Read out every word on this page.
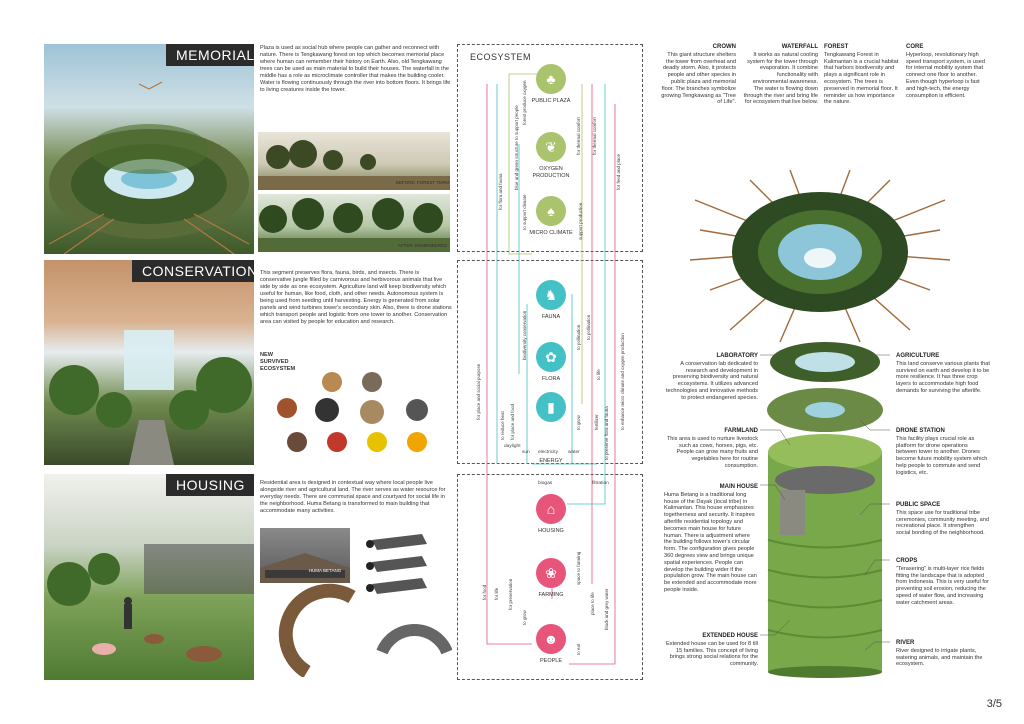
MEMORIAL Plaza is used as social hub where people can gather and reconnect with nature. There is Tengkawang forest on top which becomes memorial place where human can remember their history on Earth. Also, old Tengkawang trees can be used as main material to build their houses. The waterfall in the middle has a role as microclimate controller that makes the building cooler. Water is flowing continuously through the river into bottom floors. It brings life to living creatures inside the tower.
BEFORE: FOREST TERM
AFTER: REMEMBERED
CONSERVATION This segment preserves flora, fauna, birds, and insects. There is conservative jungle filled by carnivorous and herbivorous animals that live side by side as one ecosystem. Agriculture land will keep biodiversity which useful for human, like food, cloth, and other needs. Autonomous system is being used from seeding until harvesting. Energy is generated from solar panels and wind turbines tower's secondary skin. Also, there is drone stations which transport people and logistic from one tower to another. Conservation area can visited by people for education and research.
NEW SURVIVED ECOSYSTEM
HOUSING	Residential area is designed in contextual way where local people live alongside river and agricultural land. The river serves as water resource for everyday needs. There are communal space and courtyard for social life in the neighborhood. Huma Betang is transformed to main building that accommodate many activities.
HUMA BETANG
ECOSYSTEM
♣
PUBLIC PLAZA
❦
OXYGEN PRODUCTION
♠
MICRO CLIMATE
♞
FAUNA
✿
FLORA
▮
ENERGY
⌂
HOUSING
❀
FARMING
☻
PEOPLE
blue and green structure to support people
forest produce oxygen
for flora and fauna
to support climate
for thermal comfort for thermal comfort
support production
for feed and place
for place and social purpose
to reduce heat for place and food
biodiversity conservation	to pollination to pollination
to grow	fertilizer to preserve flora and fauna
to enhance micro climate and oxygen production
to life
daylight
sun electricity water
biogas	filtration
for food for life for preservation
to grow
space to farming
place to life
to eat
black and grey water
CROWN
This giant structure shelters the tower from overheat and deadly storm. Also, it protects people and other species in public plaza and memorial floor. The branches symbolize growing Tengkawang as "Tree of Life".
WATERFALL
It works as natural cooling system for the tower through evaporation. It combine functionality with environmental awareness. The water is flowing down through the river and bring life for ecosystem that live below.
FOREST
Tengkawang Forest in Kalimantan is a crucial habitat that harbors biodiversity and plays a significant role in ecosystem. The trees is preserved in memorial floor. It reminder us how importance the nature.
CORE
Hyperloop, revolutionary high speed transport system, is used for internal mobility system that connect one floor to another. Even though hyperloop is fast and high-tech, the energy consumption is efficient.
LABORATORY
A conservation lab dedicated to research and development in preserving biodiversity and natural ecosystems. It utilizes advanced technologies and innovative methods to protect endangered species.
FARMLAND
This area is used to nurture livestock such as cows, horses, pigs, etc. People can grow many fruits and vegetables here for routine consumption.
MAIN HOUSE
Huma Betang is a traditional long house of the Dayak (local tribe) in Kalimantan. This house emphasizes togetherness and security. It inspires afterlife residential topology and becomes main house for future human. There is adjustment where the building follows tower's circular form. The configuration gives people 360 degrees view and brings unique spatial experiences. People can develop the building wider if the population grow. The main house can be extended and accommodate more people inside.
EXTENDED HOUSE
Extended house can be used for 8 till 15 families. This concept of living brings strong social relations for the community.
AGRICULTURE
This land conserve various plants that survived on earth and develop it to be more resilience. It has three crop layers to accommodate high food demands for surviving the afterlife.
DRONE STATION
This facility plays crucial role as platform for drone operations between tower to another. Drones become future mobility system which help people to commute and send logistics, etc.
PUBLIC SPACE
This space use for traditional tribe ceremonies, community meeting, and recreational place. It strengthen social bonding of the neighborhood.
CROPS
"Terasering" is multi-layer rice fields fitting the landscape that is adopted from Indonesia. This is very useful for preventing soil erosion, reducing the speed of water flow, and increasing water catchment areas.
RIVER
River designed to irrigate plants, watering animals, and maintain the ecosystem.
3/5
